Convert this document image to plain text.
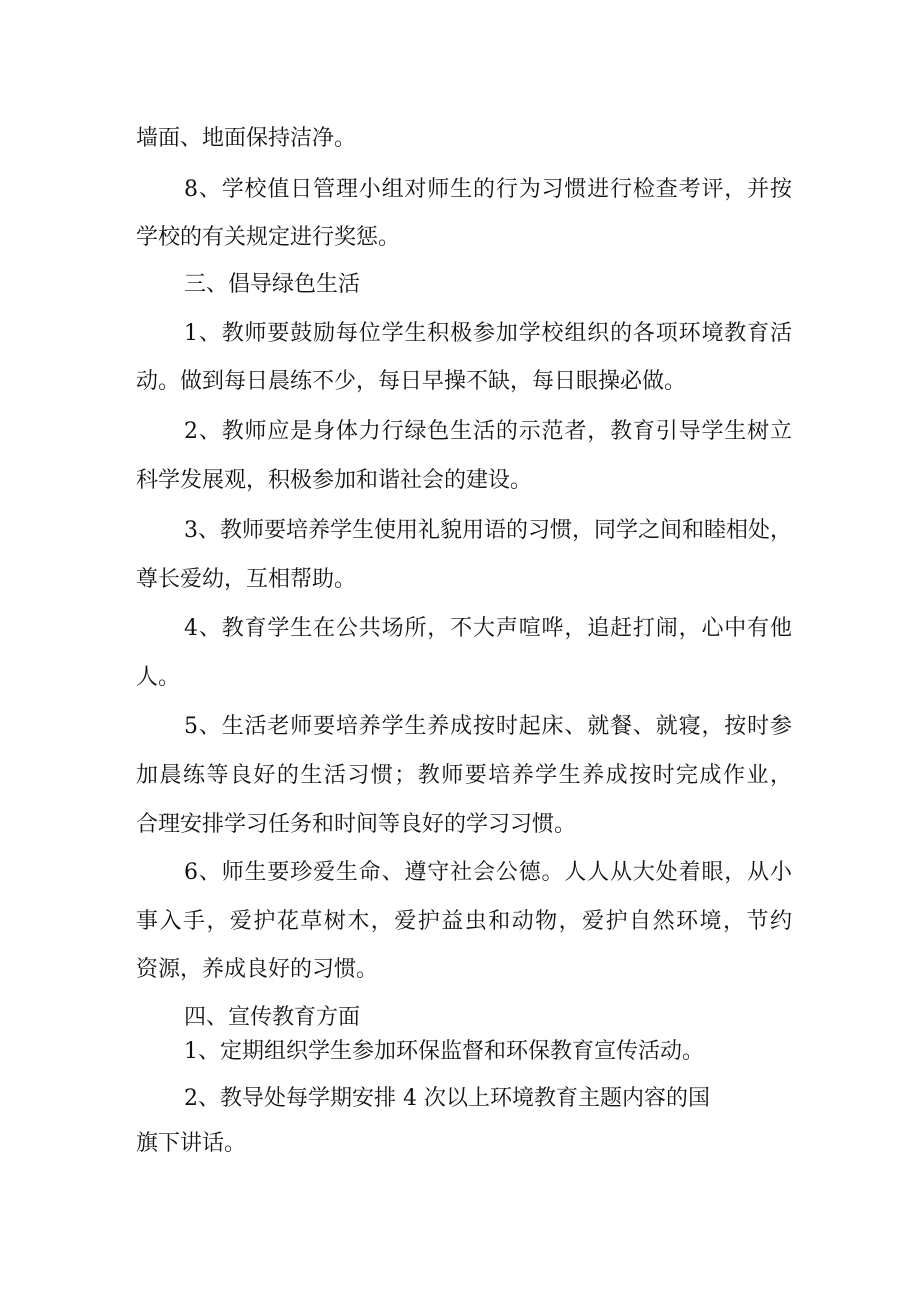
墙面、地面保持洁净。

8、学校值日管理小组对师生的行为习惯进行检查考评，并按

学校的有关规定进行奖惩。

三、倡导绿色生活

1、教师要鼓励每位学生积极参加学校组织的各项环境教育活

动。做到每日晨练不少，每日早操不缺，每日眼操必做。

2、教师应是身体力行绿色生活的示范者，教育引导学生树立

科学发展观，积极参加和谐社会的建设。

3、教师要培养学生使用礼貌用语的习惯，同学之间和睦相处，

尊长爱幼，互相帮助。

4、教育学生在公共场所，不大声喧哗，追赶打闹，心中有他

人。

5、生活老师要培养学生养成按时起床、就餐、就寝，按时参

加晨练等良好的生活习惯；教师要培养学生养成按时完成作业，

合理安排学习任务和时间等良好的学习习惯。

6、师生要珍爱生命、遵守社会公德。人人从大处着眼，从小

事入手，爱护花草树木，爱护益虫和动物，爱护自然环境，节约

资源，养成良好的习惯。

四、宣传教育方面

1、定期组织学生参加环保监督和环保教育宣传活动。

2、教导处每学期安排 4 次以上环境教育主题内容的国

旗下讲话。
